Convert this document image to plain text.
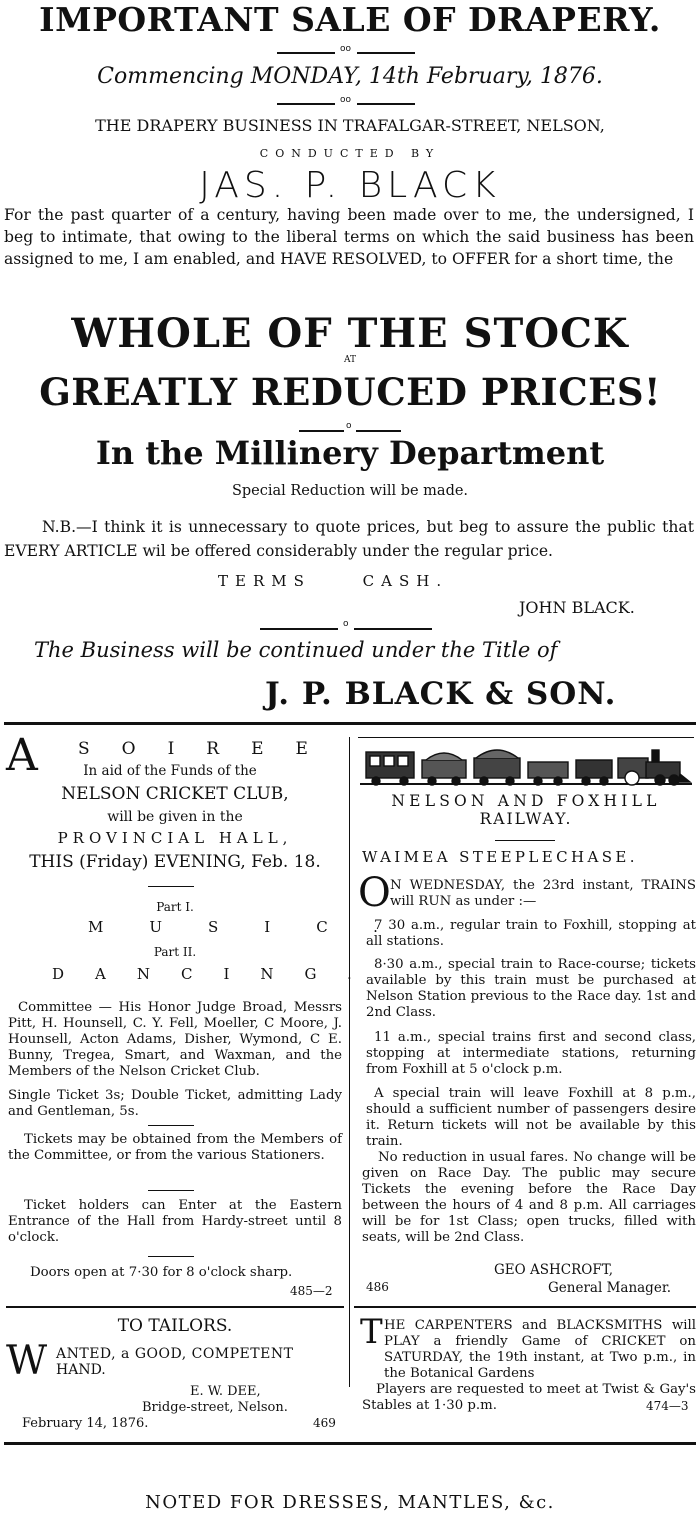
IMPORTANT SALE OF DRAPERY.
oo
Commencing MONDAY, 14th February, 1876.
oo
THE DRAPERY BUSINESS IN TRAFALGAR-STREET, NELSON,
CONDUCTED BY
JAS. P. BLACK
For the past quarter of a century, having been made over to me, the undersigned, I beg to intimate, that owing to the liberal terms on which the said business has been assigned to me, I am enabled, and HAVE RESOLVED, to OFFER for a short time, the
WHOLE OF THE STOCK
AT
GREATLY REDUCED PRICES!
o
In the Millinery Department
Special Reduction will be made.
N.B.—I think it is unnecessary to quote prices, but beg to assure the public that EVERY ARTICLE wil be offered considerably under the regular price.
TERMS CASH.
JOHN BLACK.
o
The Business will be continued under the Title of
J. P. BLACK & SON.
A SOIREE
In aid of the Funds of the
NELSON CRICKET CLUB,
will be given in the
PROVINCIAL HALL,
THIS (Friday) EVENING, Feb. 18.
Part I.
MUSIC.
Part II.
DANCING.
Committee — His Honor Judge Broad, Messrs Pitt, H. Hounsell, C. Y. Fell, Moeller, C Moore, J. Hounsell, Acton Adams, Disher, Wymond, C E. Bunny, Tregea, Smart, and Waxman, and the Members of the Nelson Cricket Club.
Single Ticket 3s; Double Ticket, admitting Lady and Gentleman, 5s.
Tickets may be obtained from the Members of the Committee, or from the various Stationers.
Ticket holders can Enter at the Eastern Entrance of the Hall from Hardy-street until 8 o'clock.
Doors open at 7·30 for 8 o'clock sharp.
485—2
TO TAILORS.
W ANTED, a GOOD, COMPETENT
HAND.
E. W. DEE,
Bridge-street, Nelson.
February 14, 1876.	469
NELSON AND FOXHILL
RAILWAY.
WAIMEA STEEPLECHASE.
O N WEDNESDAY, the 23rd instant, TRAINS will RUN as under :—
7 30 a.m., regular train to Foxhill, stopping at all stations.
8·30 a.m., special train to Race-course; tickets available by this train must be purchased at Nelson Station previous to the Race day. 1st and 2nd Class.
11 a.m., special trains first and second class, stopping at intermediate stations, returning from Foxhill at 5 o'clock p.m.
A special train will leave Foxhill at 8 p.m., should a sufficient number of passengers desire it. Return tickets will not be available by this train.
No reduction in usual fares. No change will be given on Race Day. The public may secure Tickets the evening before the Race Day between the hours of 4 and 8 p.m. All carriages will be for 1st Class; open trucks, filled with seats, will be 2nd Class.
GEO ASHCROFT,
General Manager.
486
T HE CARPENTERS and BLACKSMITHS will PLAY a friendly Game of CRICKET on SATURDAY, the 19th instant, at Two p.m., in the Botanical Gardens
Players are requested to meet at Twist & Gay's Stables at 1·30 p.m.	474—3
NOTED FOR DRESSES, MANTLES, &c.
